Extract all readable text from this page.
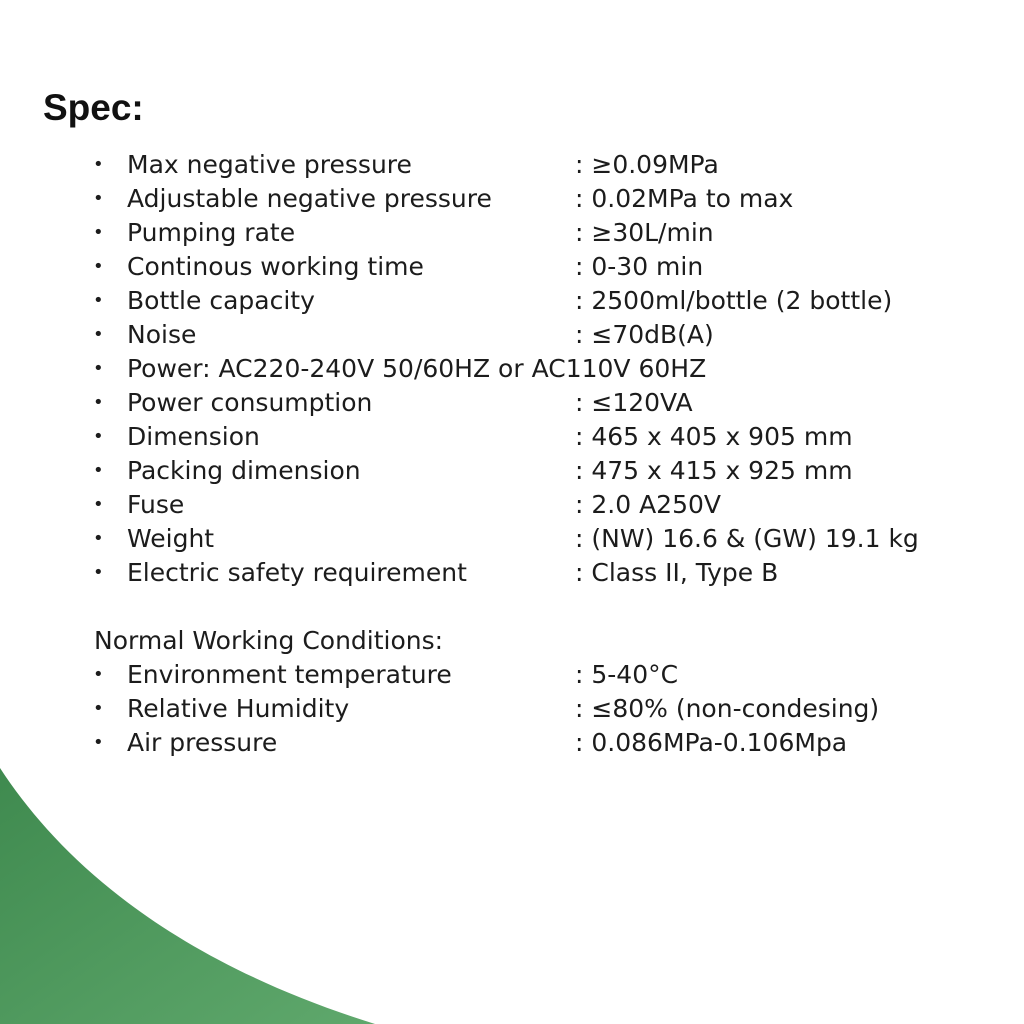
Spec:
• Max negative pressure	: ≥0.09MPa
• Adjustable negative pressure	: 0.02MPa to max
• Pumping rate	: ≥30L/min
• Continous working time	: 0-30 min
• Bottle capacity	: 2500ml/bottle (2 bottle)
• Noise	: ≤70dB(A)
• Power: AC220-240V 50/60HZ or AC110V 60HZ
• Power consumption	: ≤120VA
• Dimension	: 465 x 405 x 905 mm
• Packing dimension	: 475 x 415 x 925 mm
• Fuse	: 2.0 A250V
• Weight	: (NW) 16.6 & (GW) 19.1 kg
• Electric safety requirement	: Class II, Type B
Normal Working Conditions:
• Environment temperature	: 5-40°C
• Relative Humidity	: ≤80% (non-condesing)
• Air pressure	: 0.086MPa-0.106Mpa
